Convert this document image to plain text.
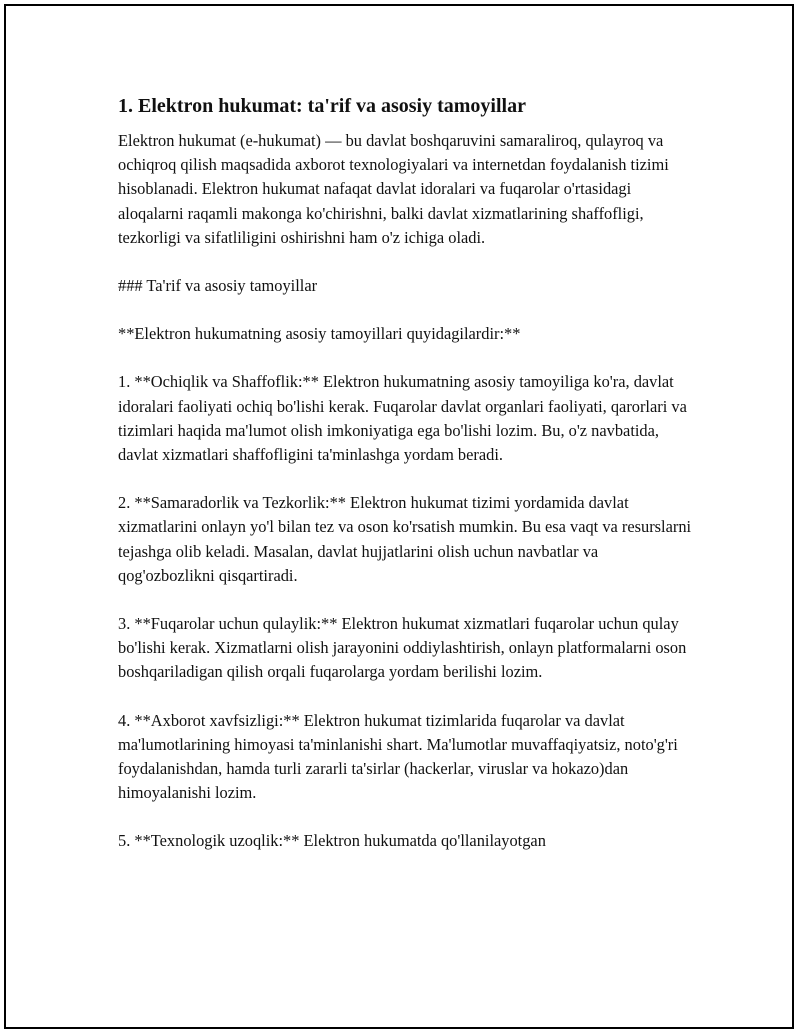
1. Elektron hukumat: ta'rif va asosiy tamoyillar

Elektron hukumat (e-hukumat) — bu davlat boshqaruvini samaraliroq, qulayroq va ochiqroq qilish maqsadida axborot texnologiyalari va internetdan foydalanish tizimi hisoblanadi. Elektron hukumat nafaqat davlat idoralari va fuqarolar o'rtasidagi aloqalarni raqamli makonga ko'chirishni, balki davlat xizmatlarining shaffofligi, tezkorligi va sifatliligini oshirishni ham o'z ichiga oladi.

### Ta'rif va asosiy tamoyillar

**Elektron hukumatning asosiy tamoyillari quyidagilardir:**

1. **Ochiqlik va Shaffoflik:** Elektron hukumatning asosiy tamoyiliga ko'ra, davlat idoralari faoliyati ochiq bo'lishi kerak. Fuqarolar davlat organlari faoliyati, qarorlari va tizimlari haqida ma'lumot olish imkoniyatiga ega bo'lishi lozim. Bu, o'z navbatida, davlat xizmatlari shaffofligini ta'minlashga yordam beradi.

2. **Samaradorlik va Tezkorlik:** Elektron hukumat tizimi yordamida davlat xizmatlarini onlayn yo'l bilan tez va oson ko'rsatish mumkin. Bu esa vaqt va resurslarni tejashga olib keladi. Masalan, davlat hujjatlarini olish uchun navbatlar va qog'ozbozlikni qisqartiradi.

3. **Fuqarolar uchun qulaylik:** Elektron hukumat xizmatlari fuqarolar uchun qulay bo'lishi kerak. Xizmatlarni olish jarayonini oddiylashtirish, onlayn platformalarni oson boshqariladigan qilish orqali fuqarolarga yordam berilishi lozim.

4. **Axborot xavfsizligi:** Elektron hukumat tizimlarida fuqarolar va davlat ma'lumotlarining himoyasi ta'minlanishi shart. Ma'lumotlar muvaffaqiyatsiz, noto'g'ri foydalanishdan, hamda turli zararli ta'sirlar (hackerlar, viruslar va hokazo)dan himoyalanishi lozim.

5. **Texnologik uzoqlik:** Elektron hukumatda qo'llanilayotgan
